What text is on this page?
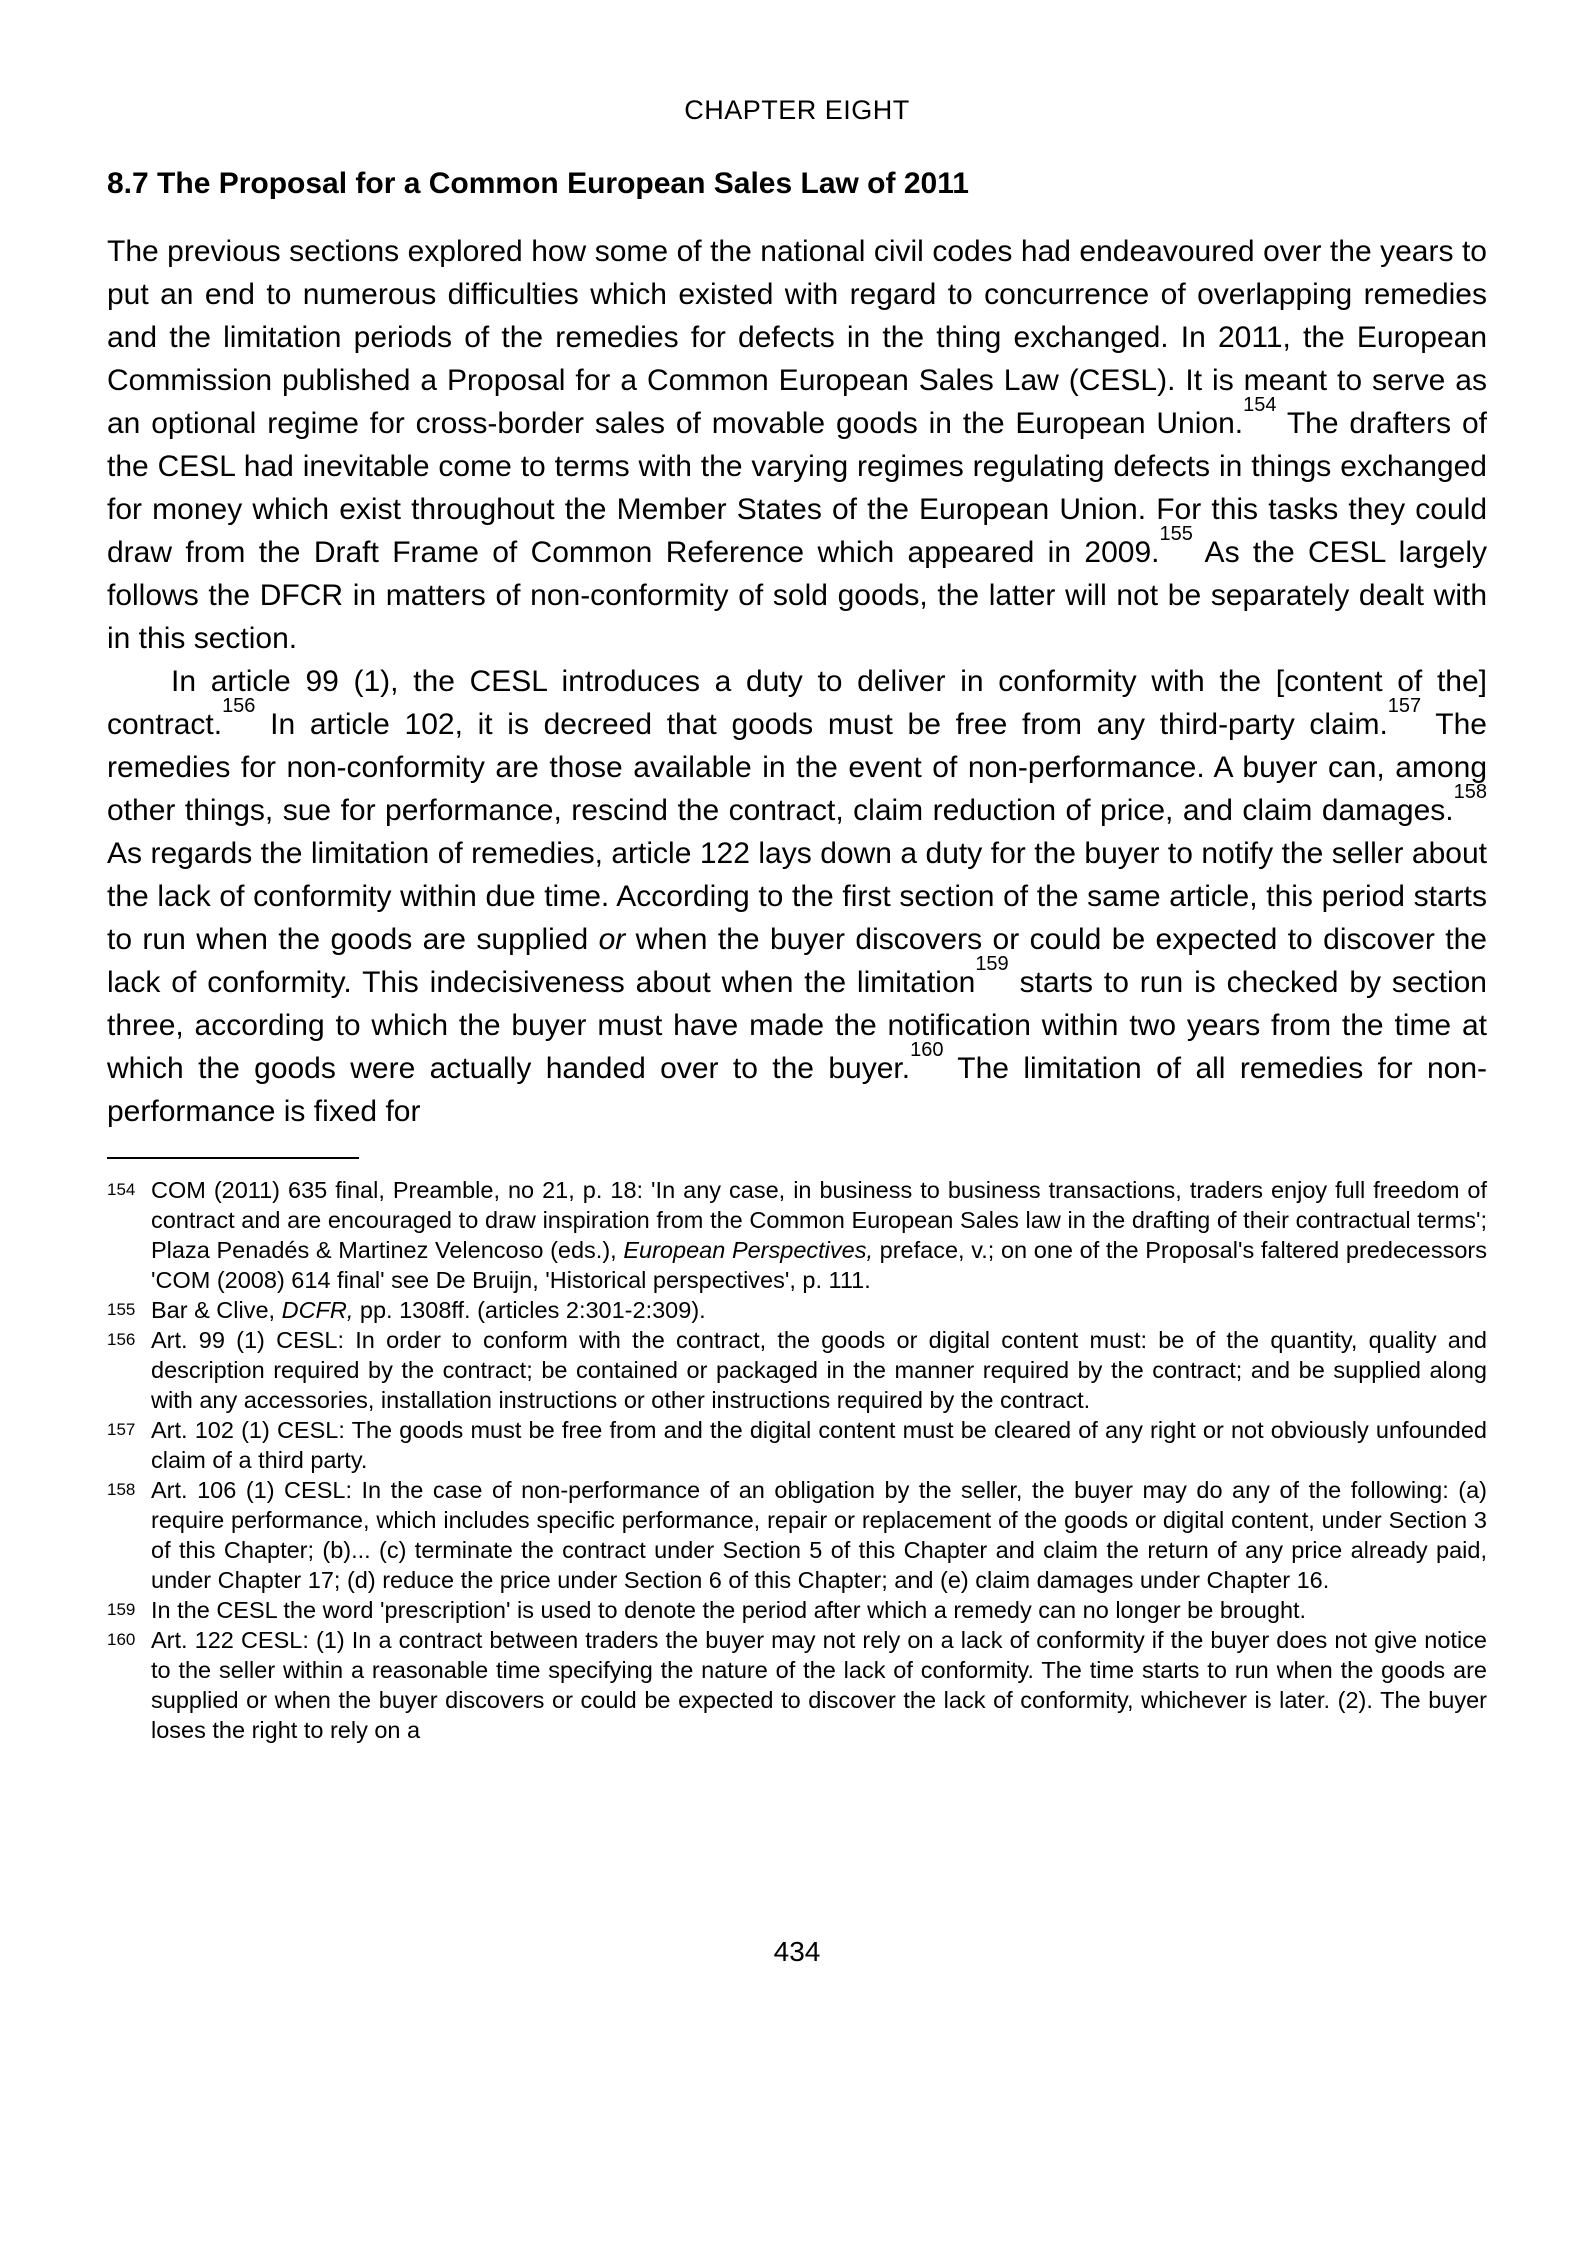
CHAPTER EIGHT
8.7 The Proposal for a Common European Sales Law of 2011

The previous sections explored how some of the national civil codes had endeavoured over the years to put an end to numerous difficulties which existed with regard to concurrence of overlapping remedies and the limitation periods of the remedies for defects in the thing exchanged. In 2011, the European Commission published a Proposal for a Common European Sales Law (CESL). It is meant to serve as an optional regime for cross-border sales of movable goods in the European Union.$^{154}$ The drafters of the CESL had inevitable come to terms with the varying regimes regulating defects in things exchanged for money which exist throughout the Member States of the European Union. For this tasks they could draw from the Draft Frame of Common Reference which appeared in 2009.$^{155}$ As the CESL largely follows the DFCR in matters of non-conformity of sold goods, the latter will not be separately dealt with in this section.

In article 99 (1), the CESL introduces a duty to deliver in conformity with the [content of the] contract.$^{156}$ In article 102, it is decreed that goods must be free from any third-party claim.$^{157}$ The remedies for non-conformity are those available in the event of non-performance. A buyer can, among other things, sue for performance, rescind the contract, claim reduction of price, and claim damages.$^{158}$ As regards the limitation of remedies, article 122 lays down a duty for the buyer to notify the seller about the lack of conformity within due time. According to the first section of the same article, this period starts to run when the goods are supplied or when the buyer discovers or could be expected to discover the lack of conformity. This indecisiveness about when the limitation$^{159}$ starts to run is checked by section three, according to which the buyer must have made the notification within two years from the time at which the goods were actually handed over to the buyer.$^{160}$ The limitation of all remedies for non-performance is fixed for

154 COM (2011) 635 final, Preamble, no 21, p. 18: 'In any case, in business to business transactions, traders enjoy full freedom of contract and are encouraged to draw inspiration from the Common European Sales law in the drafting of their contractual terms'; Plaza Penadés & Martinez Velencoso (eds.), European Perspectives, preface, v.; on one of the Proposal's faltered predecessors 'COM (2008) 614 final' see De Bruijn, 'Historical perspectives', p. 111.
155 Bar & Clive, DCFR, pp. 1308ff. (articles 2:301-2:309).
156 Art. 99 (1) CESL: In order to conform with the contract, the goods or digital content must: be of the quantity, quality and description required by the contract; be contained or packaged in the manner required by the contract; and be supplied along with any accessories, installation instructions or other instructions required by the contract.
157 Art. 102 (1) CESL: The goods must be free from and the digital content must be cleared of any right or not obviously unfounded claim of a third party.
158 Art. 106 (1) CESL: In the case of non-performance of an obligation by the seller, the buyer may do any of the following: (a) require performance, which includes specific performance, repair or replacement of the goods or digital content, under Section 3 of this Chapter; (b)... (c) terminate the contract under Section 5 of this Chapter and claim the return of any price already paid, under Chapter 17; (d) reduce the price under Section 6 of this Chapter; and (e) claim damages under Chapter 16.
159 In the CESL the word 'prescription' is used to denote the period after which a remedy can no longer be brought.
160 Art. 122 CESL: (1) In a contract between traders the buyer may not rely on a lack of conformity if the buyer does not give notice to the seller within a reasonable time specifying the nature of the lack of conformity. The time starts to run when the goods are supplied or when the buyer discovers or could be expected to discover the lack of conformity, whichever is later. (2). The buyer loses the right to rely on a
434
